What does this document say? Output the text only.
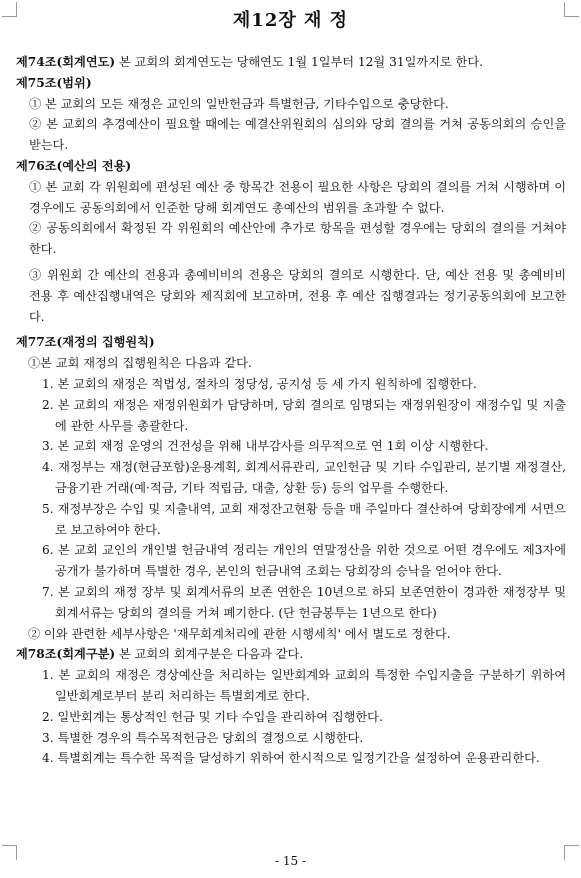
제12장 재 정

제74조(회계연도) 본 교회의 회계연도는 당해연도 1월 1일부터 12월 31일까지로 한다.

제75조(범위)

① 본 교회의 모든 재정은 교인의 일반헌금과 특별헌금, 기타수입으로 충당한다.

② 본 교회의 추경예산이 필요할 때에는 예결산위원회의 심의와 당회 결의를 거쳐 공동의회의 승인을 받는다.

제76조(예산의 전용)

① 본 교회 각 위원회에 편성된 예산 중 항목간 전용이 필요한 사항은 당회의 결의를 거쳐 시행하며 이 경우에도 공동의회에서 인준한 당해 회계연도 총예산의 범위를 초과할 수 없다.

② 공동의회에서 확정된 각 위원회의 예산안에 추가로 항목을 편성할 경우에는 당회의 결의를 거쳐야 한다.

③ 위원회 간 예산의 전용과 총예비비의 전용은 당회의 결의로 시행한다. 단, 예산 전용 및 총예비비 전용 후 예산집행내역은 당회와 제직회에 보고하며, 전용 후 예산 집행결과는 정기공동의회에 보고한다.

제77조(재정의 집행원칙)

①본 교회 재정의 집행원칙은 다음과 같다.

1. 본 교회의 재정은 적법성, 절차의 정당성, 공지성 등 세 가지 원칙하에 집행한다.

2. 본 교회의 재정은 재정위원회가 담당하며, 당회 결의로 임명되는 재정위원장이 재정수입 및 지출에 관한 사무를 총괄한다.

3. 본 교회 재정 운영의 건전성을 위해 내부감사를 의무적으로 연 1회 이상 시행한다.

4. 재정부는 재정(현금포함)운용계획, 회계서류관리, 교인헌금 및 기타 수입관리, 분기별 재정결산, 금융기관 거래(예·적금, 기타 적립금, 대출, 상환 등) 등의 업무를 수행한다.

5. 재정부장은 수입 및 지출내역, 교회 재정잔고현황 등을 매 주일마다 결산하여 당회장에게 서면으로 보고하여야 한다.

6. 본 교회 교인의 개인별 헌금내역 정리는 개인의 연말정산을 위한 것으로 어떤 경우에도 제3자에 공개가 불가하며 특별한 경우, 본인의 헌금내역 조회는 당회장의 승낙을 얻어야 한다.

7. 본 교회의 재정 장부 및 회계서류의 보존 연한은 10년으로 하되 보존연한이 경과한 재정장부 및 회계서류는 당회의 결의를 거쳐 폐기한다. (단 헌금봉투는 1년으로 한다)

② 이와 관련한 세부사항은 '재무회계처리에 관한 시행세칙' 에서 별도로 정한다.

제78조(회계구분) 본 교회의 회계구분은 다음과 같다.

1. 본 교회의 재정은 경상예산을 처리하는 일반회계와 교회의 특정한 수입지출을 구분하기 위하여 일반회계로부터 분리 처리하는 특별회계로 한다.

2. 일반회계는 통상적인 헌금 및 기타 수입을 관리하여 집행한다.

3. 특별한 경우의 특수목적헌금은 당회의 결정으로 시행한다.

4. 특별회계는 특수한 목적을 달성하기 위하여 한시적으로 일정기간을 설정하여 운용관리한다.

- 15 -
